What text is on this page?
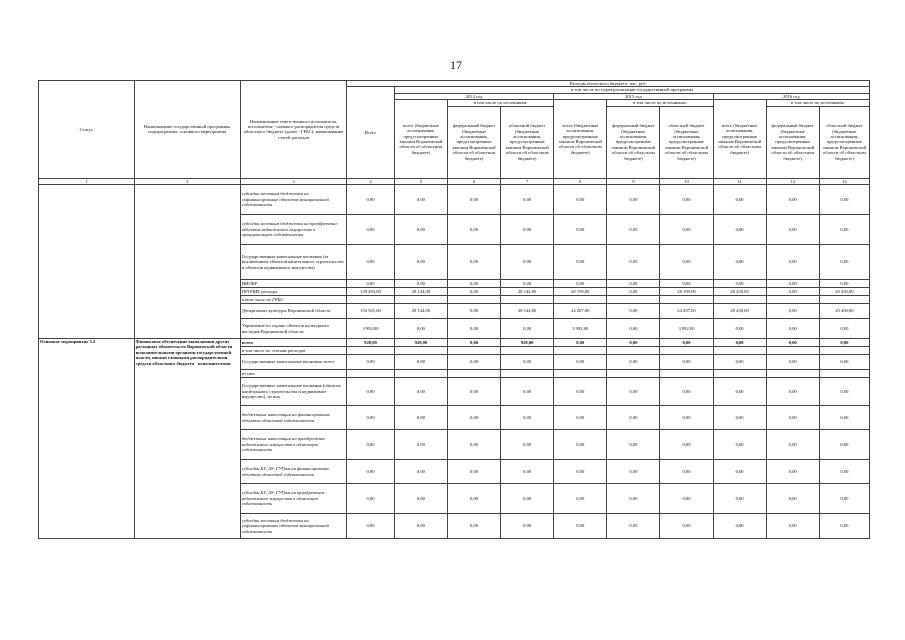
17
Статус	Наименование государственной программы, подпрограммы, основного мероприятия	Наименование ответственного исполнителя, исполнителя - главного распорядителя средств областного бюджета (далее - ГРБС), наименование статей расходов	Расходы областного бюджета, тыс. руб.									
			Всего	в том числе по годам реализации государственной программы								
				2014 год			2015 год			2016 год		
				всего (бюджетные ассигнования, предусмотренные законом Воронежской области об областном бюджете)	в том числе по источникам:		всего (бюджетные ассигнования, предусмотренные законом Воронежской области об областном бюджете)	в том числе по источникам:		всего (бюджетные ассигнования, предусмотренные законом Воронежской области об областном бюджете)	в том числе по источникам:	
					федеральный бюджет (бюджетные ассигнования, предусмотренные законом Воронежской области об областном бюджете)	областной бюджет (бюджетные ассигнования, предусмотренные законом Воронежской области об областном бюджете)		федеральный бюджет (бюджетные ассигнования, предусмотренные законом Воронежской области об областном бюджете)	областной бюджет (бюджетные ассигнования, предусмотренные законом Воронежской области об областном бюджете)		федеральный бюджет (бюджетные ассигнования, предусмотренные законом Воронежской области об областном бюджете)	областной бюджет (бюджетные ассигнования, предусмотренные законом Воронежской области об областном бюджете)
1	2	3	4	5	6	7	8	9	10	11	12	13
		субсидии местным бюджетам на софинансирование объектов муниципальной собственности	0,00	0,00	0,00	0,00	0,00	0,00	0,00	0,00	0,00	0,00
		субсидии местным бюджетам на приобретение объектов недвижимого имущества в муниципальную собственность	0,00	0,00	0,00	0,00	0,00	0,00	0,00	0,00	0,00	0,00
		Государственные капитальные вложения (за исключением объектов капитального строительства и объектов недвижимого имущества)	0,00	0,00	0,00	0,00	0,00	0,00	0,00	0,00	0,00	0,00
		НИОКР	0,00	0,00	0,00	0,00	0,00	0,00	0,00	0,00	0,00	0,00
		ПРОЧИЕ расходы	158 493,00	28 144,00	0,00	28 144,00	28 199,00	0,00	28 199,00	20 430,00	0,00	20 430,00
		в том числе по ГРБС:										
		Департамент культуры Воронежской области	154 501,00	28 144,00	0,00	28 144,00	24 207,00	0,00	24 207,00	20 430,00	0,00	20 430,00
		Управление по охране объектов культурного наследия Воронежской области	3 992,00	0,00	0,00	0,00	3 992,00	0,00	3 992,00	0,00	0,00	0,00
Основное мероприятие 3.2	Финансовое обеспечение выполнения других расходных обязательств Воронежской области исполнительными органами государственной власти, иными главными распорядителями средств областного бюджета - исполнителями	всего	928,00	928,00	0,00	928,00	0,00	0,00	0,00	0,00	0,00	0,00
		в том числе по статьям расходов										
		Государственные капитальные вложения, всего	0,00	0,00	0,00	0,00	0,00	0,00	0,00	0,00	0,00	0,00
		из них:										
		Государственные капитальные вложения (объекты капитального строительства и недвижимое имущество), из них	0,00	0,00	0,00	0,00	0,00	0,00	0,00	0,00	0,00	0,00
		бюджетные инвестиции на финансирование объектов областной собственности	0,00	0,00	0,00	0,00	0,00	0,00	0,00	0,00	0,00	0,00
		бюджетные инвестиции на приобретение недвижимого имущества в областную собственность	0,00	0,00	0,00	0,00	0,00	0,00	0,00	0,00	0,00	0,00
		субсидии БУ, АУ, ГУПам на финансирование объектов областной собственности	0,00	0,00	0,00	0,00	0,00	0,00	0,00	0,00	0,00	0,00
		субсидии БУ, АУ, ГУПам на приобретение недвижимого имущества в областную собственность	0,00	0,00	0,00	0,00	0,00	0,00	0,00	0,00	0,00	0,00
		субсидии местным бюджетам на софинансирование объектов муниципальной собственности	0,00	0,00	0,00	0,00	0,00	0,00	0,00	0,00	0,00	0,00
